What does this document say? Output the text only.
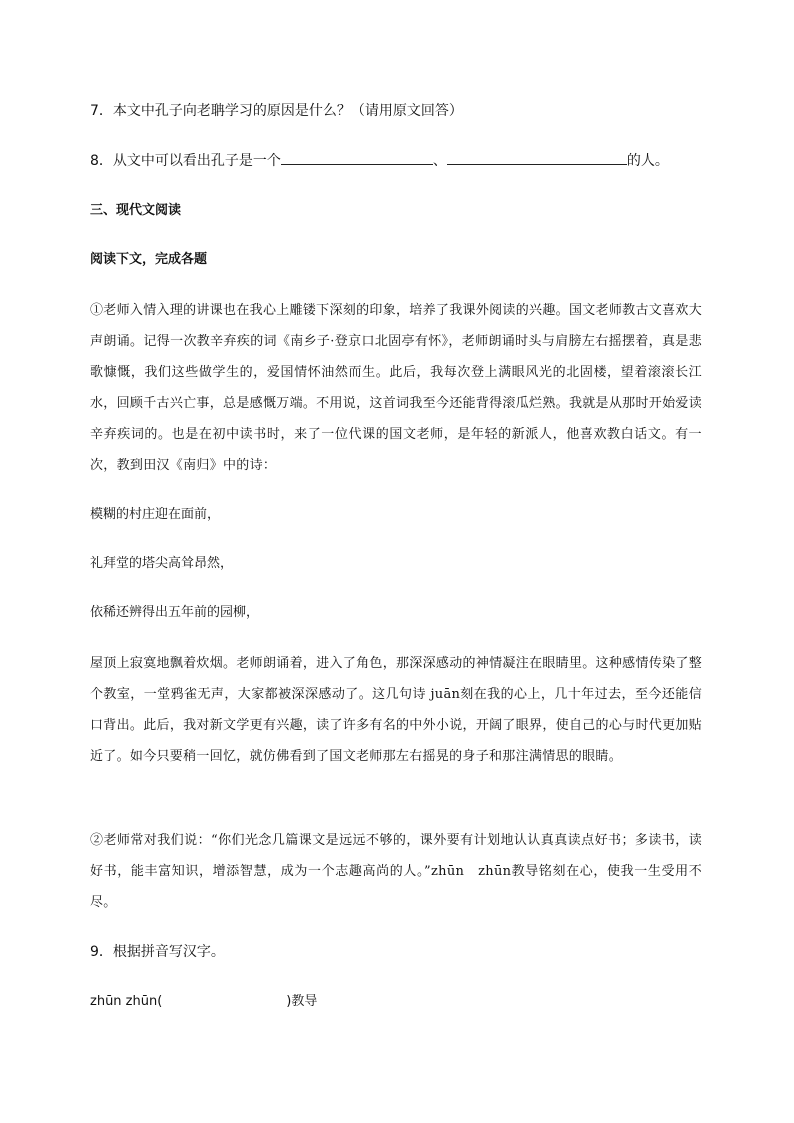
7．本文中孔子向老聃学习的原因是什么？（请用原文回答）
8．从文中可以看出孔子是一个	、	的人。
三、现代文阅读
阅读下文，完成各题
①老师入情入理的讲课也在我心上雕镂下深刻的印象，培养了我课外阅读的兴趣。国文老师教古文喜欢大声朗诵。记得一次教辛弃疾的词《南乡子·登京口北固亭有怀》，老师朗诵时头与肩膀左右摇摆着，真是悲歌慷慨，我们这些做学生的，爱国情怀油然而生。此后，我每次登上满眼风光的北固楼，望着滚滚长江水，回顾千古兴亡事，总是感慨万端。不用说，这首词我至今还能背得滚瓜烂熟。我就是从那时开始爱读辛弃疾词的。也是在初中读书时，来了一位代课的国文老师，是年轻的新派人，他喜欢教白话文。有一次，教到田汉《南归》中的诗：
模糊的村庄迎在面前，
礼拜堂的塔尖高耸昂然，
依稀还辨得出五年前的园柳，
屋顶上寂寞地飘着炊烟。老师朗诵着，进入了角色，那深深感动的神情凝注在眼睛里。这种感情传染了整个教室，一堂鸦雀无声，大家都被深深感动了。这几句诗 juān刻在我的心上，几十年过去，至今还能信口背出。此后，我对新文学更有兴趣，读了许多有名的中外小说，开阔了眼界，使自己的心与时代更加贴近了。如今只要稍一回忆，就仿佛看到了国文老师那左右摇晃的身子和那注满情思的眼睛。
②老师常对我们说：“你们光念几篇课文是远远不够的，课外要有计划地认认真真读点好书；多读书，读好书，能丰富知识，增添智慧，成为一个志趣高尚的人。”zhūn　zhūn教导铭刻在心，使我一生受用不尽。
9．根据拼音写汉字。
zhūn zhūn(	)教导
